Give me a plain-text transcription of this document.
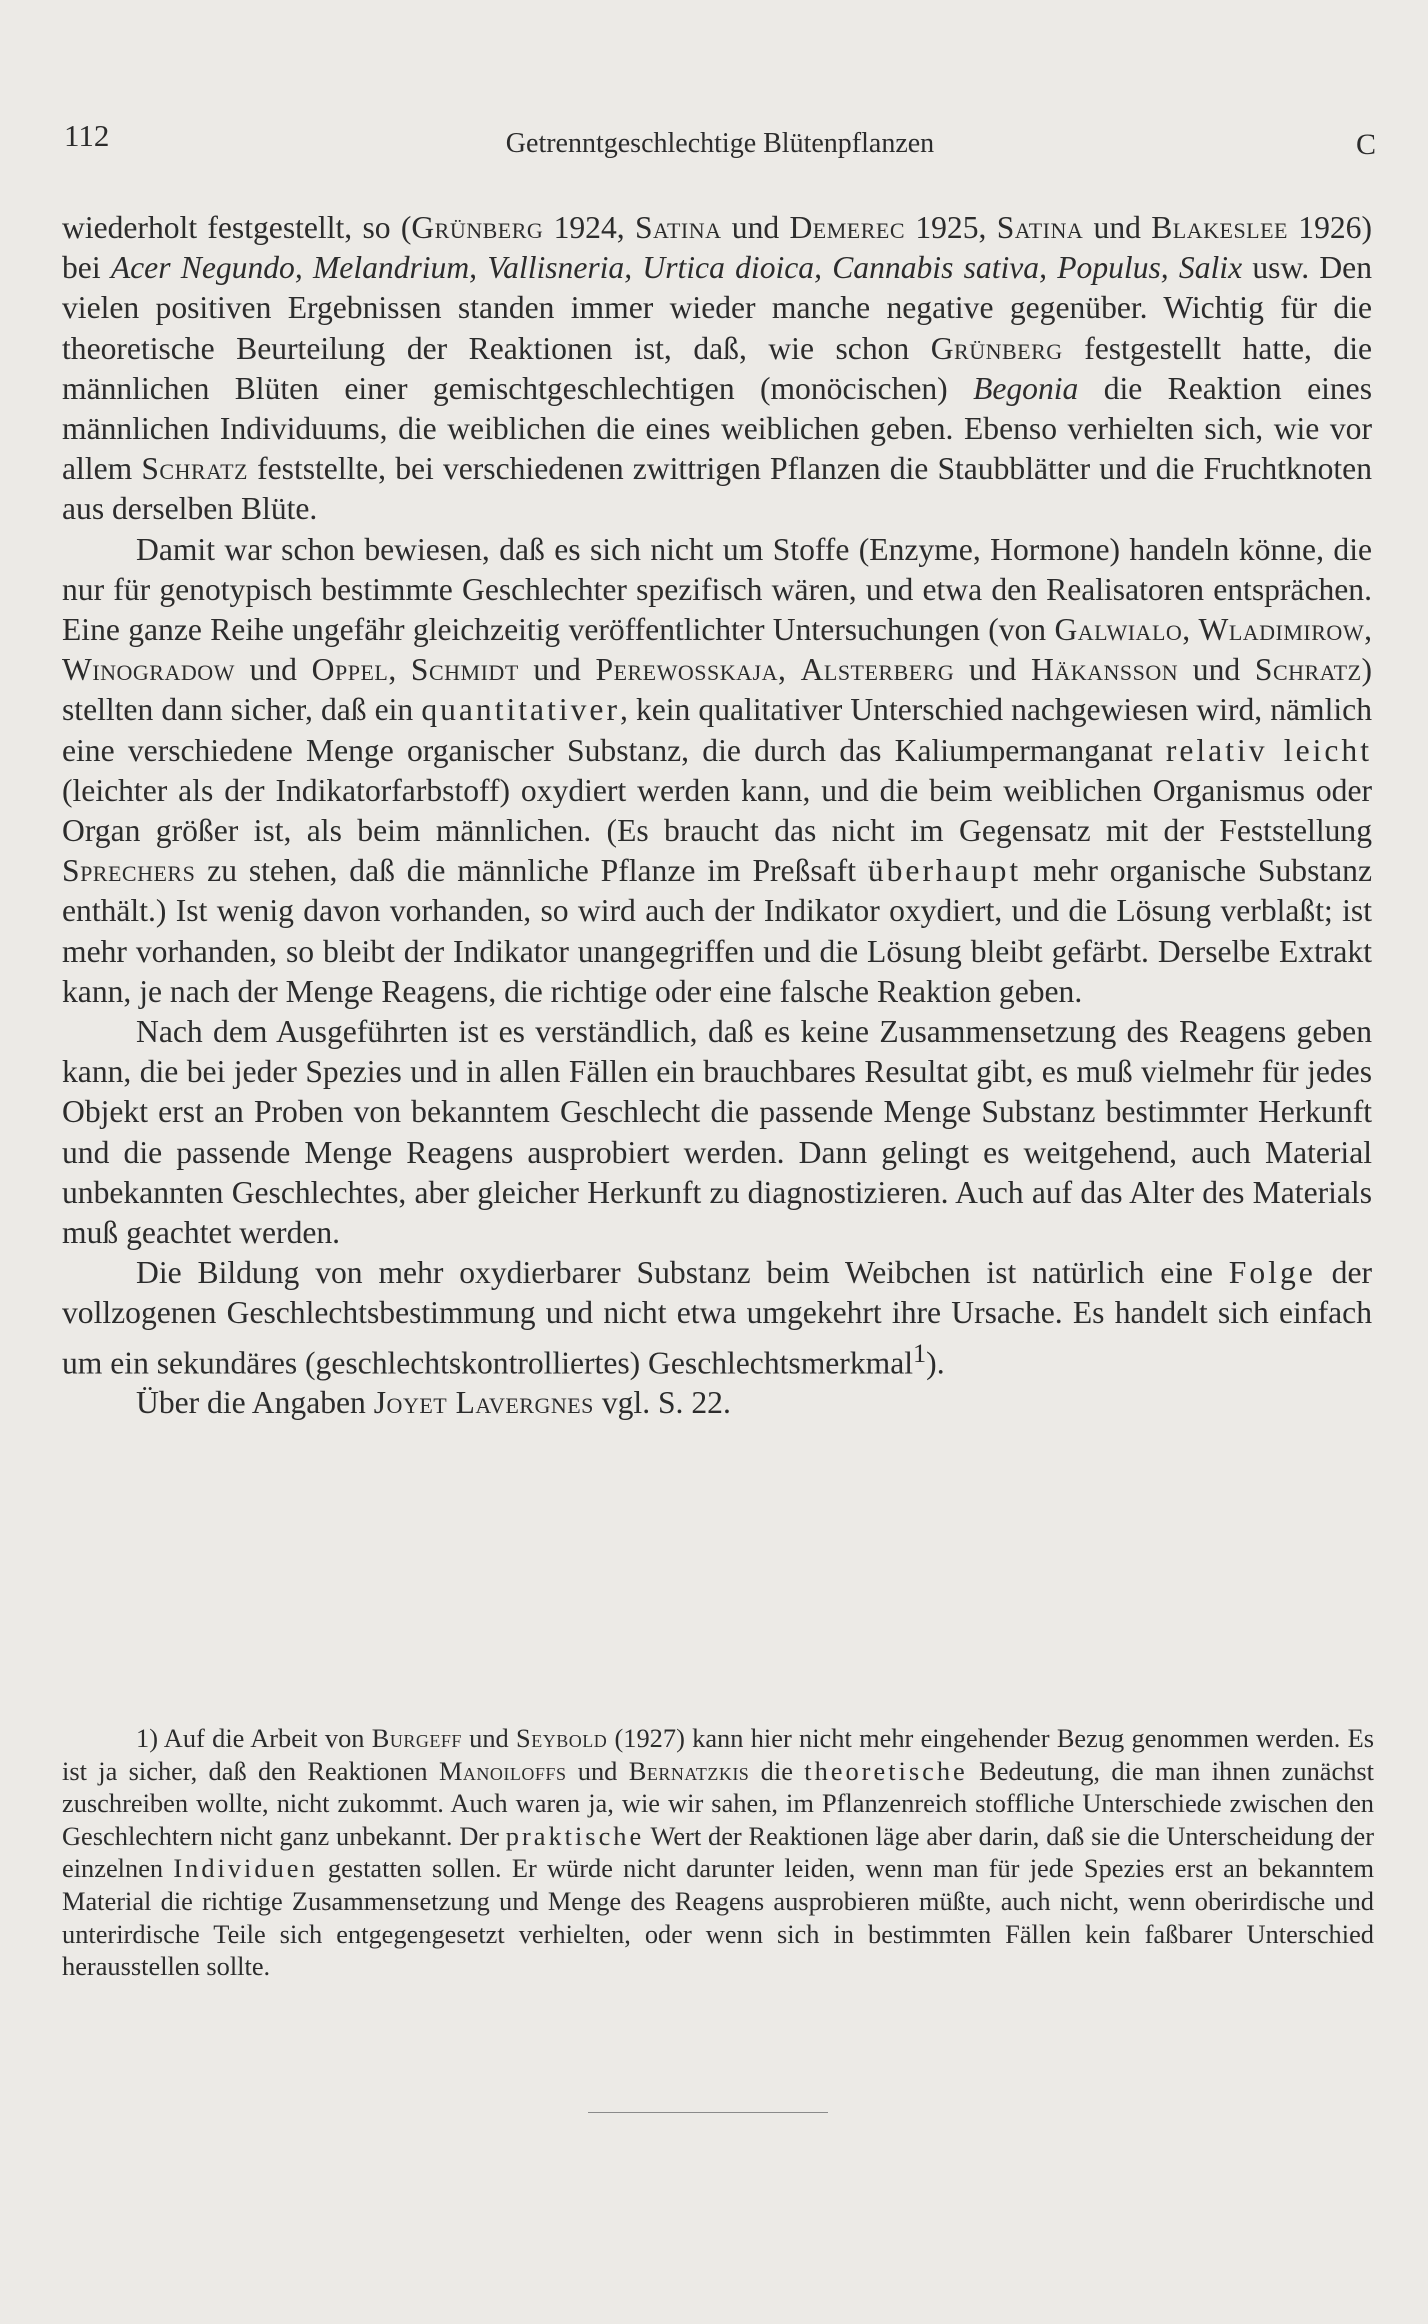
112	Getrenntgeschlechtige Blütenpflanzen	C

wiederholt festgestellt, so (Grünberg 1924, Satina und Demerec 1925, Satina und Blakeslee 1926) bei Acer Negundo, Melandrium, Vallisneria, Urtica dioica, Cannabis sativa, Populus, Salix usw. Den vielen positiven Ergebnissen standen immer wieder manche negative gegenüber. Wichtig für die theoretische Beurteilung der Reaktionen ist, daß, wie schon Grünberg festgestellt hatte, die männlichen Blüten einer gemischtgeschlechtigen (monöcischen) Begonia die Reaktion eines männlichen Individuums, die weiblichen die eines weiblichen geben. Ebenso verhielten sich, wie vor allem Schratz feststellte, bei verschiedenen zwittrigen Pflanzen die Staubblätter und die Fruchtknoten aus derselben Blüte.

Damit war schon bewiesen, daß es sich nicht um Stoffe (Enzyme, Hormone) handeln könne, die nur für genotypisch bestimmte Geschlechter spezifisch wären, und etwa den Realisatoren entsprächen. Eine ganze Reihe ungefähr gleichzeitig veröffentlichter Untersuchungen (von Galwialo, Wladimirow, Winogradow und Oppel, Schmidt und Perewosskaja, Alsterberg und Häkansson und Schratz) stellten dann sicher, daß ein quantitativer, kein qualitativer Unterschied nachgewiesen wird, nämlich eine verschiedene Menge organischer Substanz, die durch das Kaliumpermanganat relativ leicht (leichter als der Indikatorfarbstoff) oxydiert werden kann, und die beim weiblichen Organismus oder Organ größer ist, als beim männlichen. (Es braucht das nicht im Gegensatz mit der Feststellung Sprechers zu stehen, daß die männliche Pflanze im Preßsaft überhaupt mehr organische Substanz enthält.) Ist wenig davon vorhanden, so wird auch der Indikator oxydiert, und die Lösung verblaßt; ist mehr vorhanden, so bleibt der Indikator unangegriffen und die Lösung bleibt gefärbt. Derselbe Extrakt kann, je nach der Menge Reagens, die richtige oder eine falsche Reaktion geben.

Nach dem Ausgeführten ist es verständlich, daß es keine Zusammensetzung des Reagens geben kann, die bei jeder Spezies und in allen Fällen ein brauchbares Resultat gibt, es muß vielmehr für jedes Objekt erst an Proben von bekanntem Geschlecht die passende Menge Substanz bestimmter Herkunft und die passende Menge Reagens ausprobiert werden. Dann gelingt es weitgehend, auch Material unbekannten Geschlechtes, aber gleicher Herkunft zu diagnostizieren. Auch auf das Alter des Materials muß geachtet werden.

Die Bildung von mehr oxydierbarer Substanz beim Weibchen ist natürlich eine Folge der vollzogenen Geschlechtsbestimmung und nicht etwa umgekehrt ihre Ursache. Es handelt sich einfach um ein sekundäres (geschlechtskontrolliertes) Geschlechtsmerkmal$^1$).

Über die Angaben Joyet Lavergnes vgl. S. 22.

1) Auf die Arbeit von Burgeff und Seybold (1927) kann hier nicht mehr eingehender Bezug genommen werden. Es ist ja sicher, daß den Reaktionen Manoiloffs und Bernatzkis die theoretische Bedeutung, die man ihnen zunächst zuschreiben wollte, nicht zukommt. Auch waren ja, wie wir sahen, im Pflanzenreich stoffliche Unterschiede zwischen den Geschlechtern nicht ganz unbekannt. Der praktische Wert der Reaktionen läge aber darin, daß sie die Unterscheidung der einzelnen Individuen gestatten sollen. Er würde nicht darunter leiden, wenn man für jede Spezies erst an bekanntem Material die richtige Zusammensetzung und Menge des Reagens ausprobieren müßte, auch nicht, wenn oberirdische und unterirdische Teile sich entgegengesetzt verhielten, oder wenn sich in bestimmten Fällen kein faßbarer Unterschied herausstellen sollte.
